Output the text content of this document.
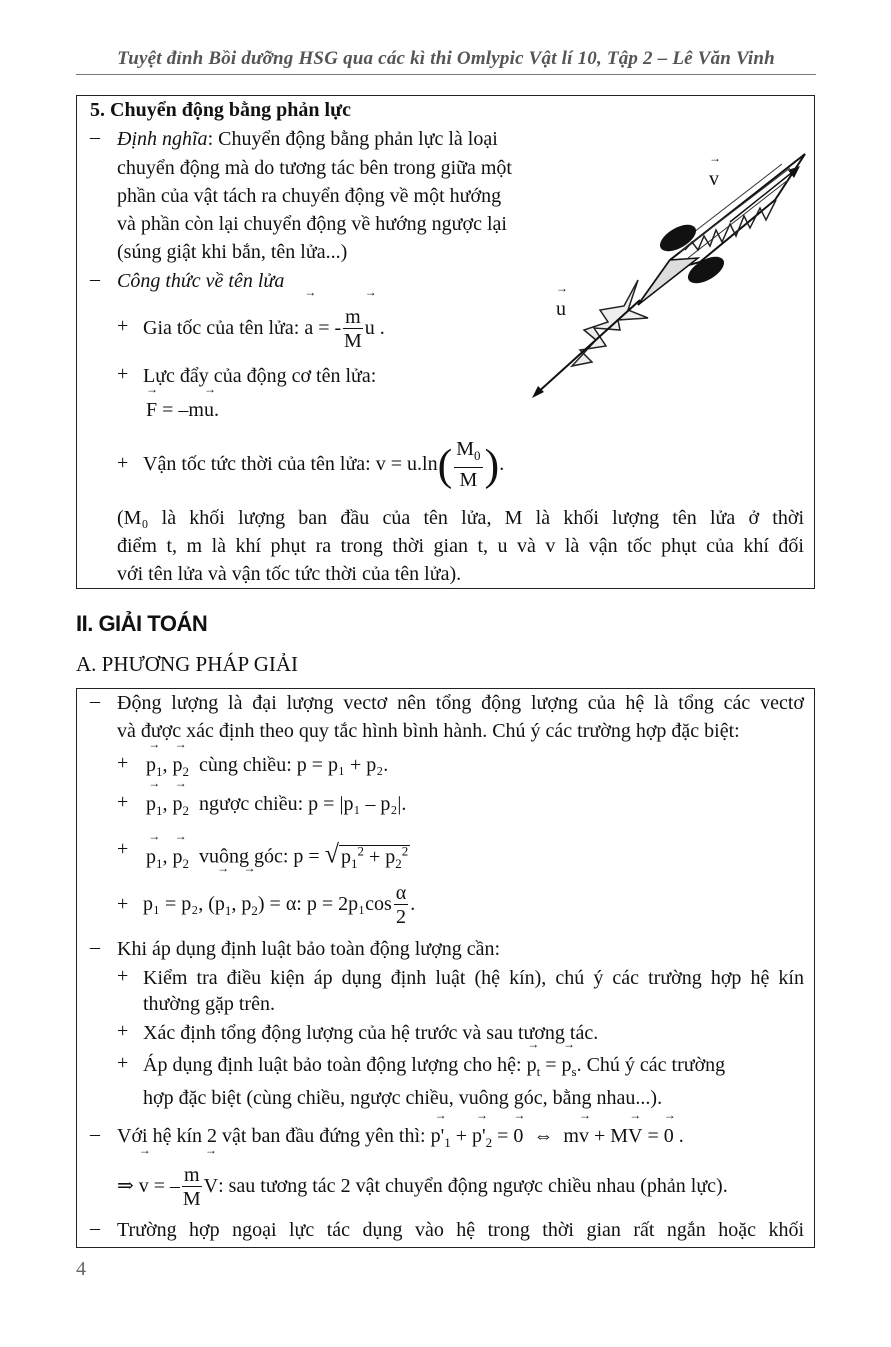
Tuyệt đỉnh Bồi dưỡng HSG qua các kì thi Omlypic Vật lí 10, Tập 2 – Lê Văn Vinh
5. Chuyển động bằng phản lực
– Định nghĩa: Chuyển động bằng phản lực là loại
chuyển động mà do tương tác bên trong giữa một
phần của vật tách ra chuyển động về một hướng
và phần còn lại chuyển động về hướng ngược lại
(súng giật khi bắn, tên lửa...)
– Công thức về tên lửa
+ Gia tốc của tên lửa: → a = - $\frac{m}{M}$
→ u .
+ Lực đẩy của động cơ tên lửa:
→ F = –m→ u.
+ Vận tốc tức thời của tên lửa: $v = u.\ln( \frac{M_0}{M}$ ).
(M₀ là khối lượng ban đầu của tên lửa, M là khối lượng tên lửa ở thời
điểm t, m là khí phụt ra trong thời gian t, u và v là vận tốc phụt của khí đối
với tên lửa và vận tốc tức thời của tên lửa).
→ v
→ u
II. GIẢI TOÁN
A. PHƯƠNG PHÁP GIẢI
– Động lượng là đại lượng vectơ nên tổng động lượng của hệ là tổng các vectơ
và được xác định theo quy tắc hình bình hành. Chú ý các trường hợp đặc biệt:
+
→ $p_1$, → $p_2$ cùng chiều: p = p₁ + p₂.
+
→ $p_1$, → $p_2$ ngược chiều: p = |p₁ – p₂|.
+
→ $p_1$, → $p_2$ vuông góc: p = √ $p_1^2 + p_2^2$
+ p₁ = p₂, (→ $p_1$, → $p_2) = \alpha$: $p = 2p_1\cos \frac{\alpha}{2}$ .
– Khi áp dụng định luật bảo toàn động lượng cần:
+ Kiểm tra điều kiện áp dụng định luật (hệ kín), chú ý các trường hợp hệ kín
thường gặp trên.
+ Xác định tổng động lượng của hệ trước và sau tương tác.
+ Áp dụng định luật bảo toàn động lượng cho hệ: → $p_t$ = → $p_s$. Chú ý các trường
hợp đặc biệt (cùng chiều, ngược chiều, vuông góc, bằng nhau...).
– Với hệ kín 2 vật ban đầu đứng yên thì: → $p'_1$ + → $p'_2$ = → 0  ⇔  m→ v + M→ V = → 0 .
⇒ → v = – $\frac{m}{M}$
→ V: sau tương tác 2 vật chuyển động ngược chiều nhau (phản lực).
– Trường hợp ngoại lực tác dụng vào hệ trong thời gian rất ngắn hoặc khối
4
